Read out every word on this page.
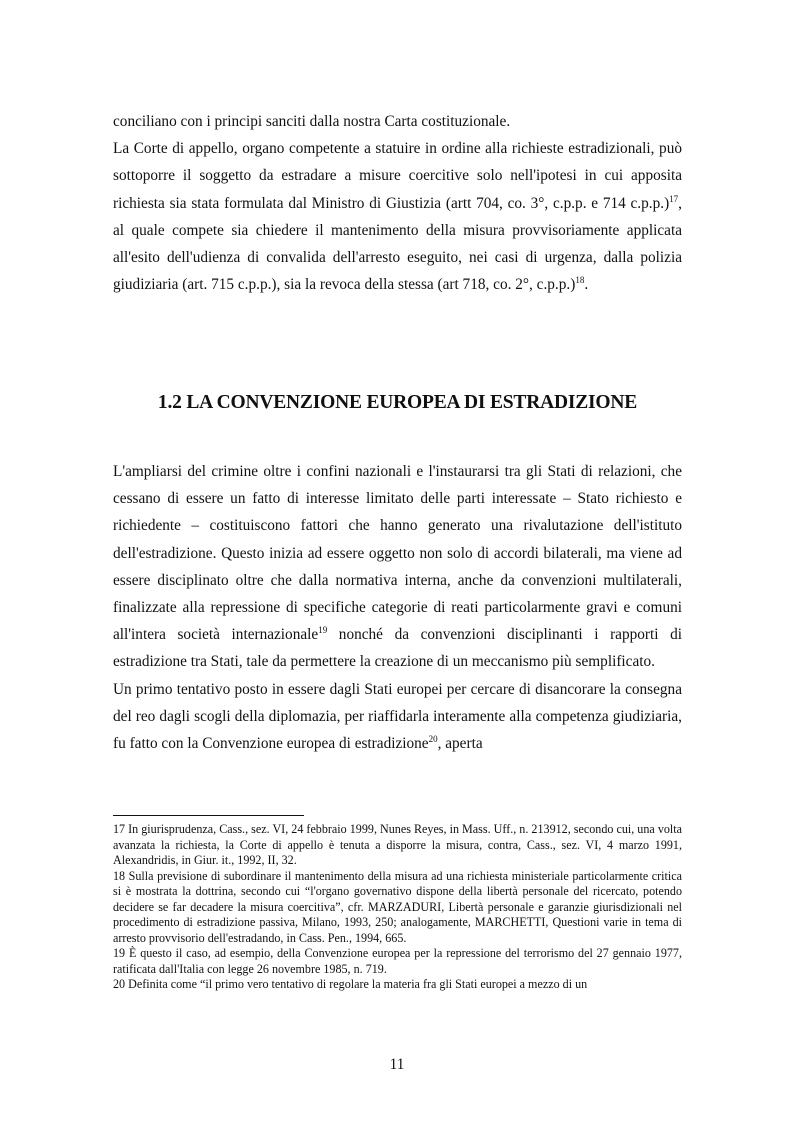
conciliano con i principi sanciti dalla nostra Carta costituzionale.

La Corte di appello, organo competente a statuire in ordine alla richieste estradizionali, può sottoporre il soggetto da estradare a misure coercitive solo nell'ipotesi in cui apposita richiesta sia stata formulata dal Ministro di Giustizia (artt 704, co. 3°, c.p.p. e 714 c.p.p.)$^{17}$, al quale compete sia chiedere il mantenimento della misura provvisoriamente applicata all'esito dell'udienza di convalida dell'arresto eseguito, nei casi di urgenza, dalla polizia giudiziaria (art. 715 c.p.p.), sia la revoca della stessa (art 718, co. 2°, c.p.p.)$^{18}$.

1.2 LA CONVENZIONE EUROPEA DI ESTRADIZIONE

L'ampliarsi del crimine oltre i confini nazionali e l'instaurarsi tra gli Stati di relazioni, che cessano di essere un fatto di interesse limitato delle parti interessate – Stato richiesto e richiedente – costituiscono fattori che hanno generato una rivalutazione dell'istituto dell'estradizione. Questo inizia ad essere oggetto non solo di accordi bilaterali, ma viene ad essere disciplinato oltre che dalla normativa interna, anche da convenzioni multilaterali, finalizzate alla repressione di specifiche categorie di reati particolarmente gravi e comuni all'intera società internazionale$^{19}$ nonché da convenzioni disciplinanti i rapporti di estradizione tra Stati, tale da permettere la creazione di un meccanismo più semplificato.

Un primo tentativo posto in essere dagli Stati europei per cercare di disancorare la consegna del reo dagli scogli della diplomazia, per riaffidarla interamente alla competenza giudiziaria, fu fatto con la Convenzione europea di estradizione$^{20}$, aperta

17 In giurisprudenza, Cass., sez. VI, 24 febbraio 1999, Nunes Reyes, in Mass. Uff., n. 213912, secondo cui, una volta avanzata la richiesta, la Corte di appello è tenuta a disporre la misura, contra, Cass., sez. VI, 4 marzo 1991, Alexandridis, in Giur. it., 1992, II, 32.

18 Sulla previsione di subordinare il mantenimento della misura ad una richiesta ministeriale particolarmente critica si è mostrata la dottrina, secondo cui “l'organo governativo dispone della libertà personale del ricercato, potendo decidere se far decadere la misura coercitiva”, cfr. MARZADURI, Libertà personale e garanzie giurisdizionali nel procedimento di estradizione passiva, Milano, 1993, 250; analogamente, MARCHETTI, Questioni varie in tema di arresto provvisorio dell'estradando, in Cass. Pen., 1994, 665.

19 È questo il caso, ad esempio, della Convenzione europea per la repressione del terrorismo del 27 gennaio 1977, ratificata dall'Italia con legge 26 novembre 1985, n. 719.

20 Definita come “il primo vero tentativo di regolare la materia fra gli Stati europei a mezzo di un

11
